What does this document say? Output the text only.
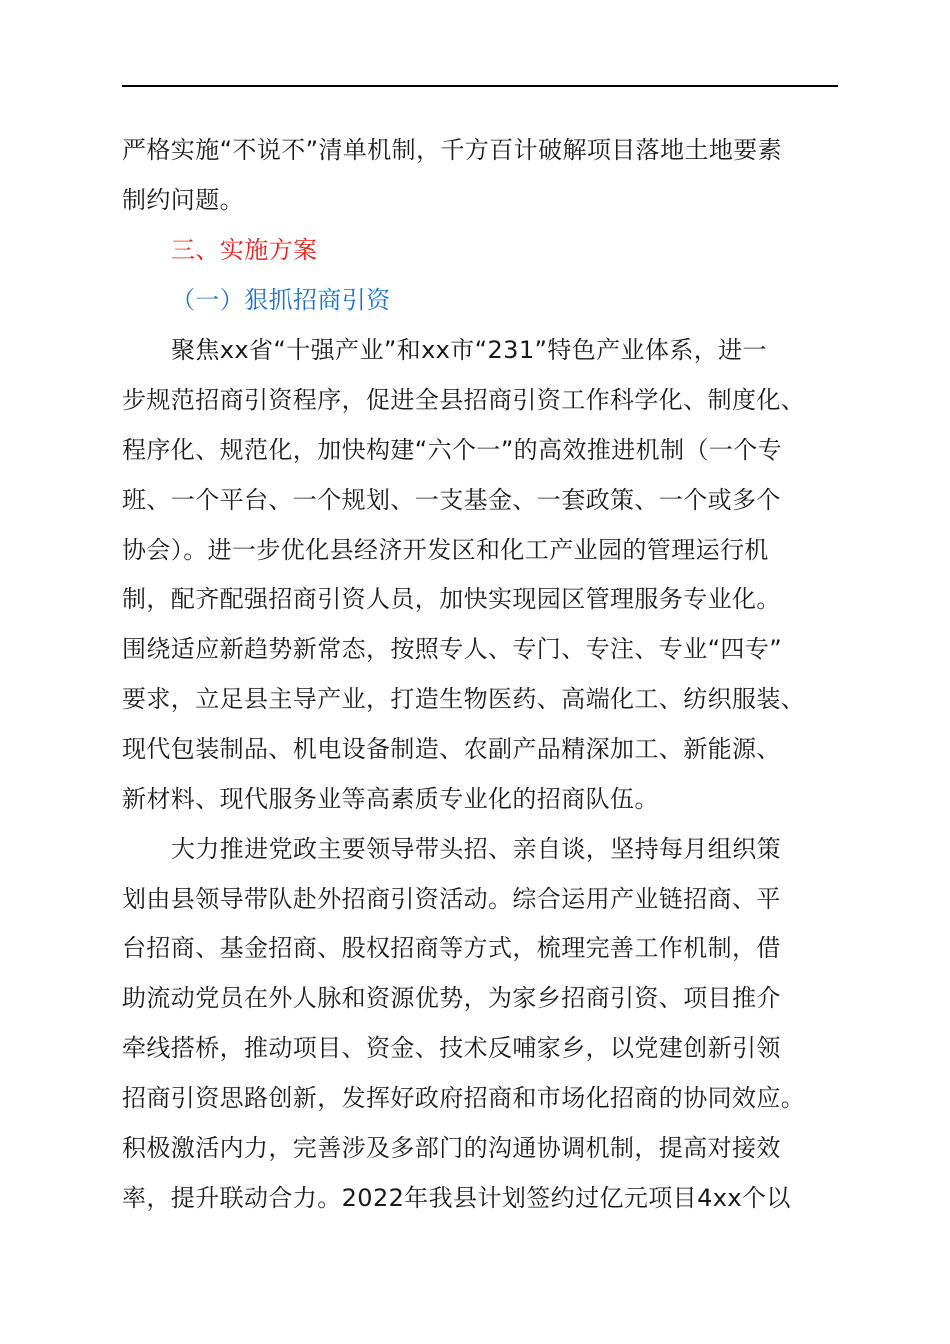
严格实施“不说不”清单机制，千方百计破解项目落地土地要素
制约问题。
三、实施方案
（一）狠抓招商引资
聚焦xx省“十强产业”和xx市“231”特色产业体系，进一
步规范招商引资程序，促进全县招商引资工作科学化、制度化、
程序化、规范化，加快构建“六个一”的高效推进机制（一个专
班、一个平台、一个规划、一支基金、一套政策、一个或多个
协会）。进一步优化县经济开发区和化工产业园的管理运行机
制，配齐配强招商引资人员，加快实现园区管理服务专业化。
围绕适应新趋势新常态，按照专人、专门、专注、专业“四专”
要求，立足县主导产业，打造生物医药、高端化工、纺织服装、
现代包装制品、机电设备制造、农副产品精深加工、新能源、
新材料、现代服务业等高素质专业化的招商队伍。
大力推进党政主要领导带头招、亲自谈，坚持每月组织策
划由县领导带队赴外招商引资活动。综合运用产业链招商、平
台招商、基金招商、股权招商等方式，梳理完善工作机制，借
助流动党员在外人脉和资源优势，为家乡招商引资、项目推介
牵线搭桥，推动项目、资金、技术反哺家乡，以党建创新引领
招商引资思路创新，发挥好政府招商和市场化招商的协同效应。
积极激活内力，完善涉及多部门的沟通协调机制，提高对接效
率，提升联动合力。2022年我县计划签约过亿元项目4xx个以
